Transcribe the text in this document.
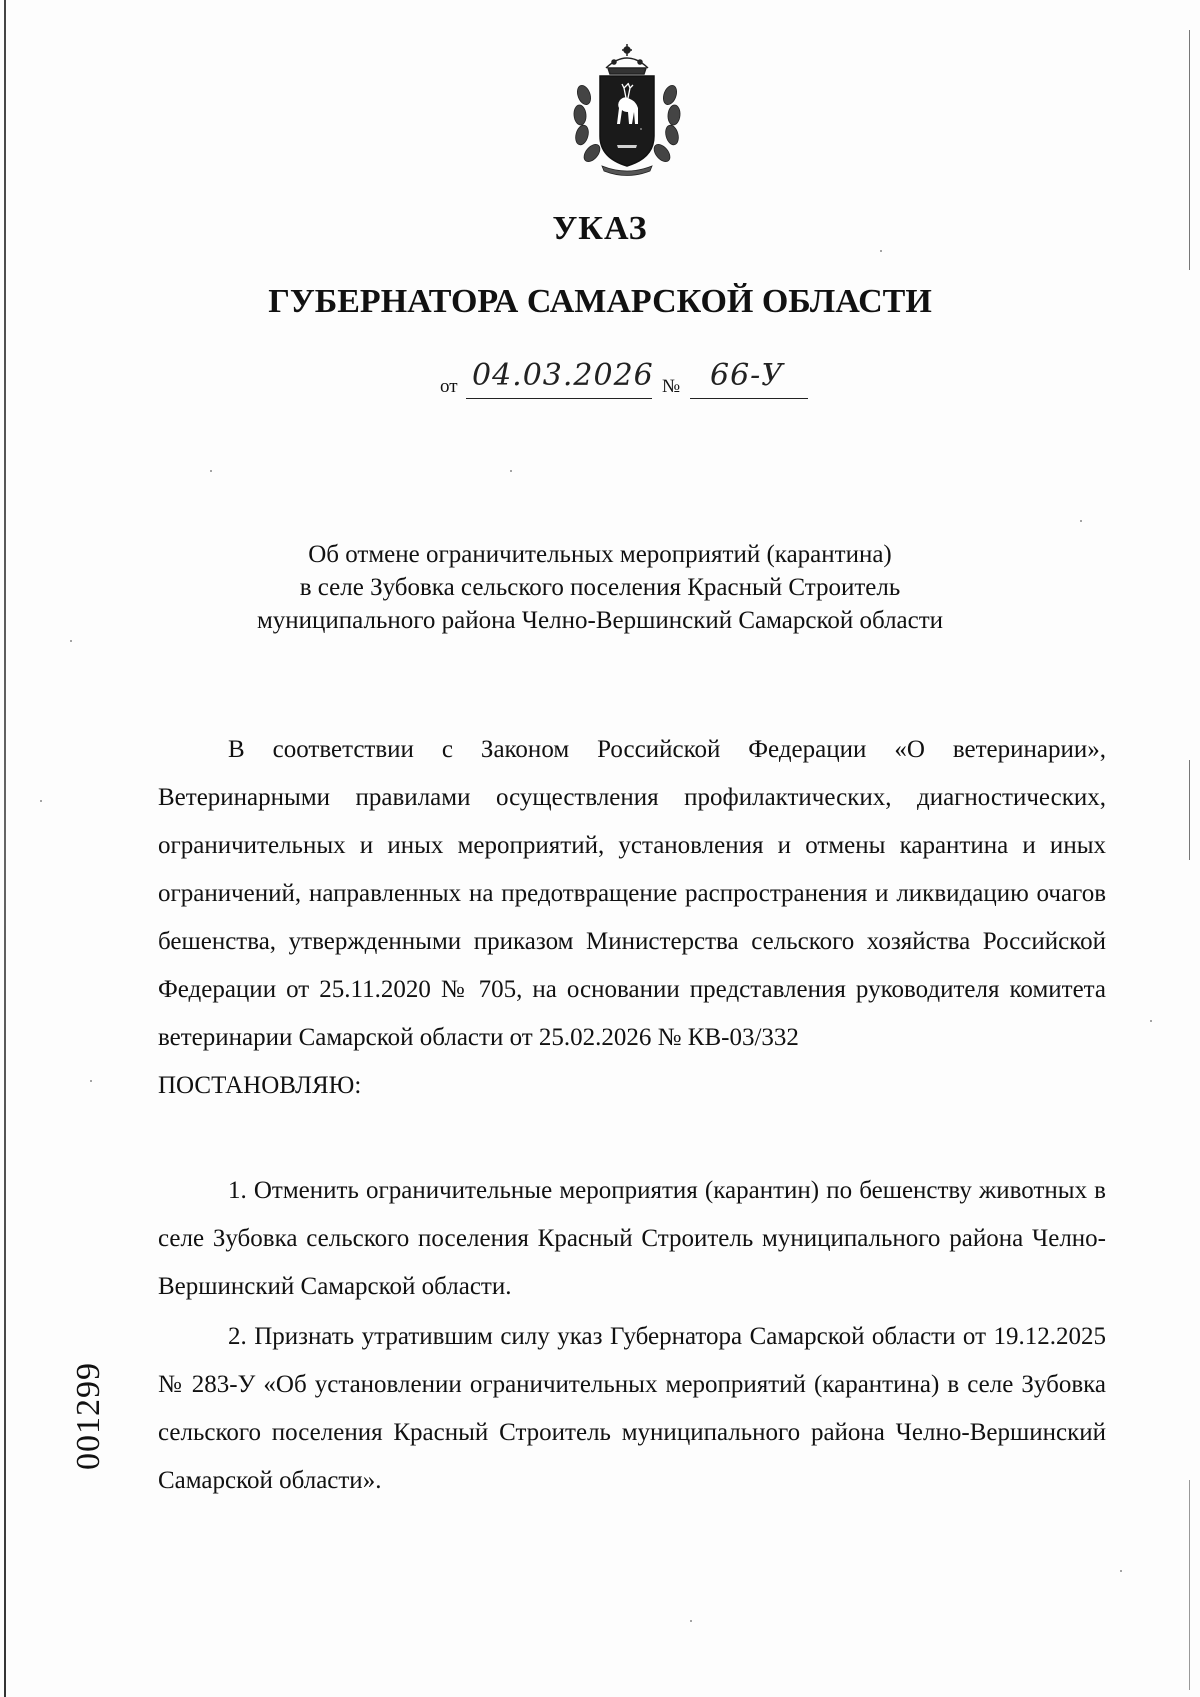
УКАЗ
ГУБЕРНАТОРА САМАРСКОЙ ОБЛАСТИ
от 04.03.2026 № 66-У
Об отмене ограничительных мероприятий (карантина)
в селе Зубовка сельского поселения Красный Строитель
муниципального района Челно-Вершинский Самарской области
В соответствии с Законом Российской Федерации «О ветеринарии», Ветеринарными правилами осуществления профилактических, диагностических, ограничительных и иных мероприятий, установления и отмены карантина и иных ограничений, направленных на предотвращение распространения и ликвидацию очагов бешенства, утвержденными приказом Министерства сельского хозяйства Российской Федерации от 25.11.2020 № 705, на основании представления руководителя комитета ветеринарии Самарской области от 25.02.2026 № КВ-03/332
ПОСТАНОВЛЯЮ:

1. Отменить ограничительные мероприятия (карантин) по бешенству животных в селе Зубовка сельского поселения Красный Строитель муниципального района Челно-Вершинский Самарской области.

2. Признать утратившим силу указ Губернатора Самарской области от 19.12.2025 № 283-У «Об установлении ограничительных мероприятий (карантина) в селе Зубовка сельского поселения Красный Строитель муниципального района Челно-Вершинский Самарской области».

001299
